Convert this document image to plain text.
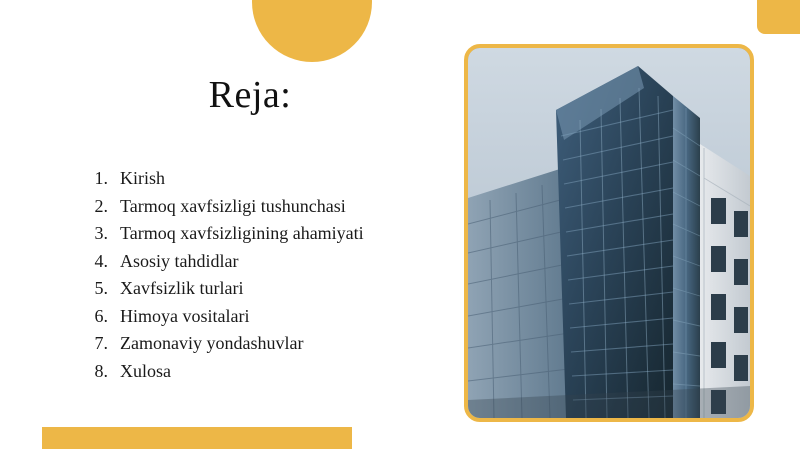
Reja:
1. Kirish
2. Tarmoq xavfsizligi tushunchasi
3. Tarmoq xavfsizligining ahamiyati
4. Asosiy tahdidlar
5. Xavfsizlik turlari
6. Himoya vositalari
7. Zamonaviy yondashuvlar
8. Xulosa
